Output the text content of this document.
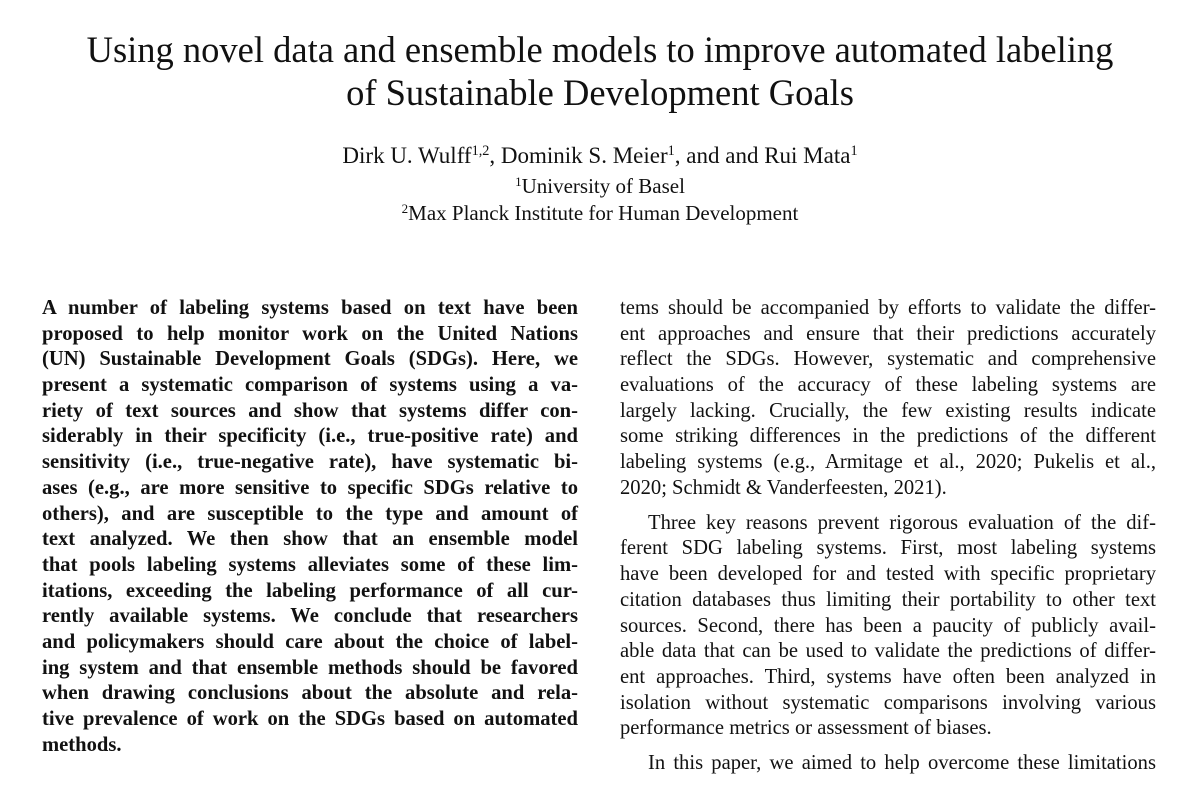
Using novel data and ensemble models to improve automated labeling
of Sustainable Development Goals
Dirk U. Wulff$^{1,2}$, Dominik S. Meier$^1$, and and Rui Mata$^1$
$^1$University of Basel
$^2$Max Planck Institute for Human Development

A number of labeling systems based on text have been
proposed to help monitor work on the United Nations
(UN) Sustainable Development Goals (SDGs). Here, we
present a systematic comparison of systems using a va-
riety of text sources and show that systems differ con-
siderably in their specificity (i.e., true-positive rate) and
sensitivity (i.e., true-negative rate), have systematic bi-
ases (e.g., are more sensitive to specific SDGs relative to
others), and are susceptible to the type and amount of
text analyzed. We then show that an ensemble model
that pools labeling systems alleviates some of these lim-
itations, exceeding the labeling performance of all cur-
rently available systems. We conclude that researchers
and policymakers should care about the choice of label-
ing system and that ensemble methods should be favored
when drawing conclusions about the absolute and rela-
tive prevalence of work on the SDGs based on automated
methods.

tems should be accompanied by efforts to validate the differ-
ent approaches and ensure that their predictions accurately
reflect the SDGs. However, systematic and comprehensive
evaluations of the accuracy of these labeling systems are
largely lacking. Crucially, the few existing results indicate
some striking differences in the predictions of the different
labeling systems (e.g., Armitage et al., 2020; Pukelis et al.,
2020; Schmidt & Vanderfeesten, 2021).

Three key reasons prevent rigorous evaluation of the dif-
ferent SDG labeling systems. First, most labeling systems
have been developed for and tested with specific proprietary
citation databases thus limiting their portability to other text
sources. Second, there has been a paucity of publicly avail-
able data that can be used to validate the predictions of differ-
ent approaches. Third, systems have often been analyzed in
isolation without systematic comparisons involving various
performance metrics or assessment of biases.

In this paper, we aimed to help overcome these limitations
